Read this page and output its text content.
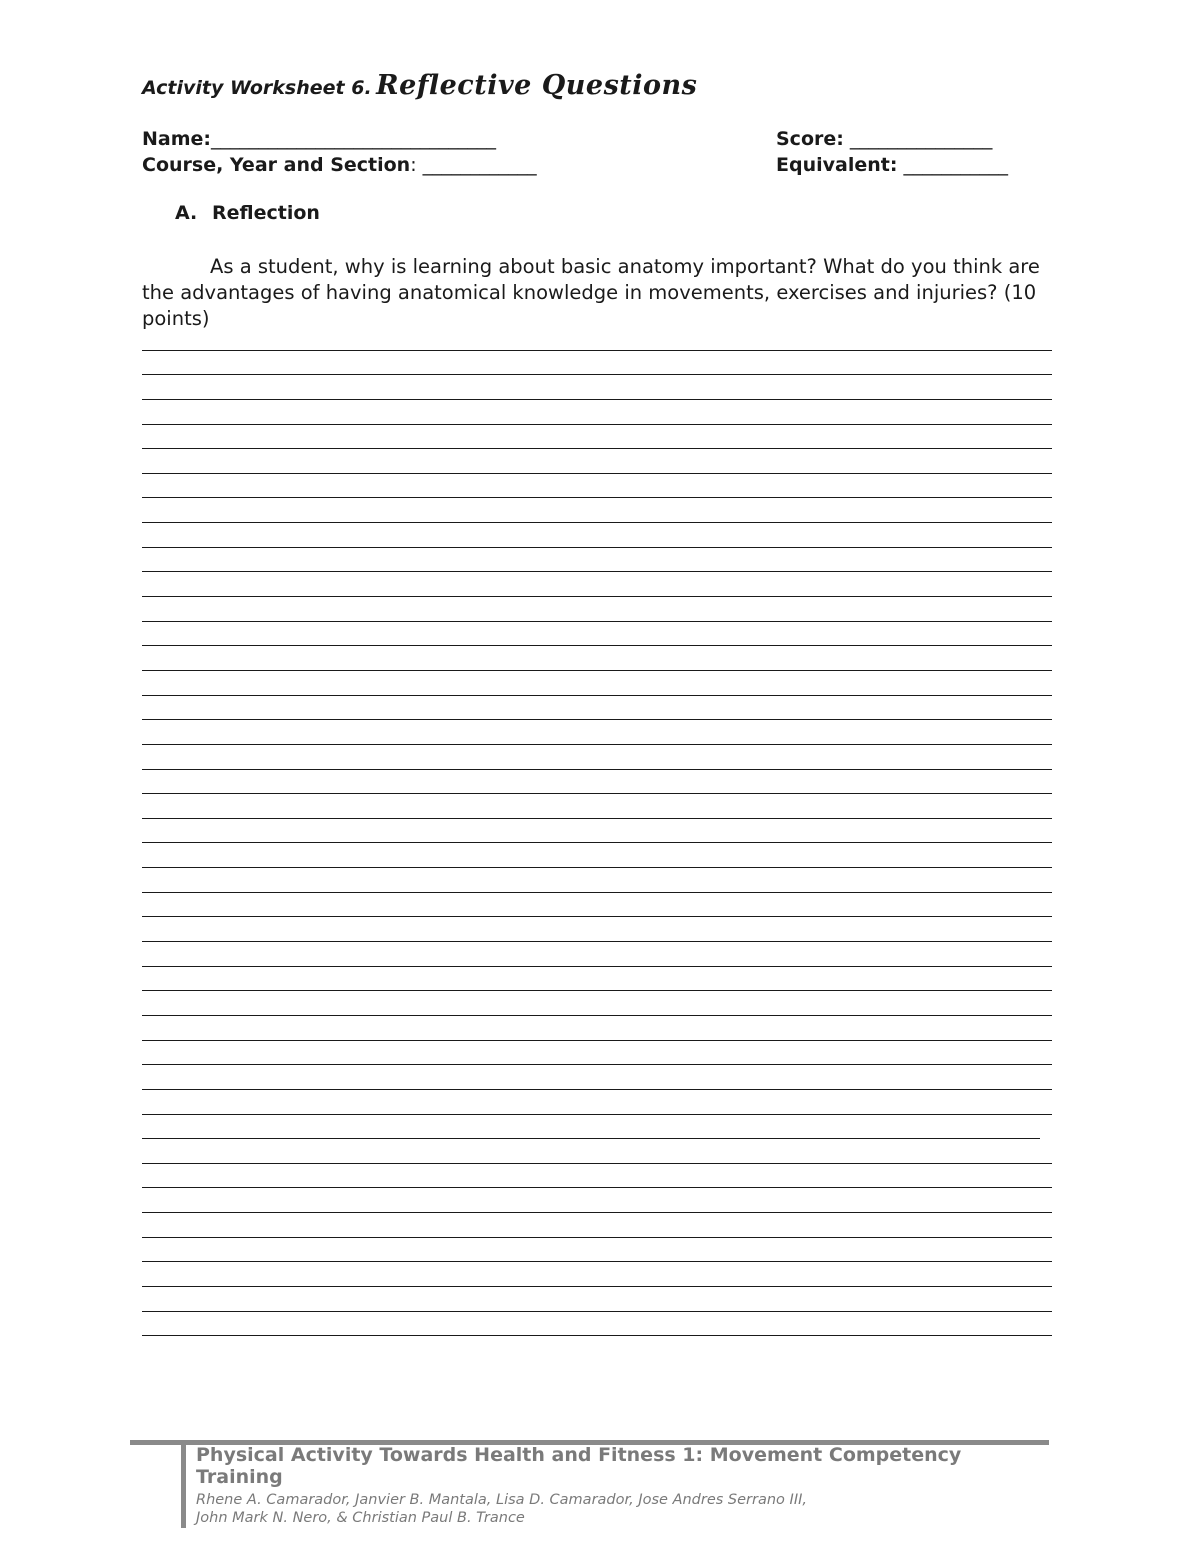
Activity Worksheet 6. Reflective Questions
Name:______________________________	Score: _______________
Course, Year and Section: ____________	Equivalent: ___________
A. Reflection
As a student, why is learning about basic anatomy important? What do you think are the advantages of having anatomical knowledge in movements, exercises and injuries? (10 points)
Physical Activity Towards Health and Fitness 1: Movement Competency Training
Rhene A. Camarador, Janvier B. Mantala, Lisa D. Camarador, Jose Andres Serrano III,
John Mark N. Nero, & Christian Paul B. Trance
